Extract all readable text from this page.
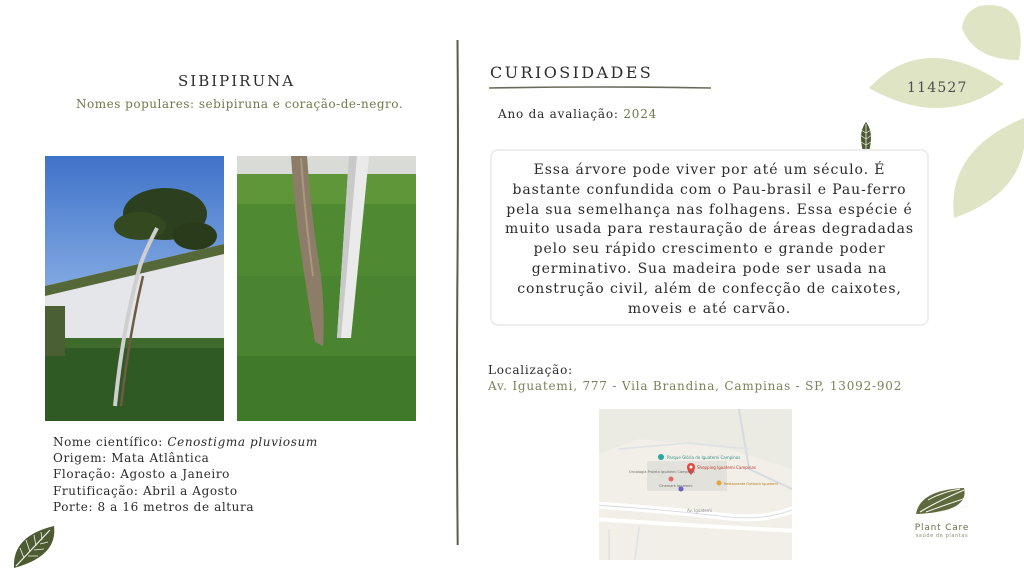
SIBIPIRUNA
Nomes populares: sebipiruna e coração-de-negro.
Nome científico: Cenostigma pluviosum
Origem: Mata Atlântica
Floração: Agosto a Janeiro
Frutificação: Abril a Agosto
Porte: 8 a 16 metros de altura
CURIOSIDADES
Ano da avaliação: 2024

Essa árvore pode viver por até um século. É bastante confundida com o Pau-brasil e Pau-ferro pela sua semelhança nas folhagens. Essa espécie é muito usada para restauração de áreas degradadas pelo seu rápido crescimento e grande poder germinativo. Sua madeira pode ser usada na construção civil, além de confecção de caixotes, moveis e até carvão.

Localização:
Av. Iguatemi, 777 - Vila Brandina, Campinas - SP, 13092-902
Parque Glória do Iguatemi Campinas
Shopping Iguatemi Campinas
Oncologia Projeto Iguatemi Campinas
Cinemark Iguatemi	Restaurante Outback Iguatemi
Av. Iguatemi
114527
Plant Care
saúde de plantas
